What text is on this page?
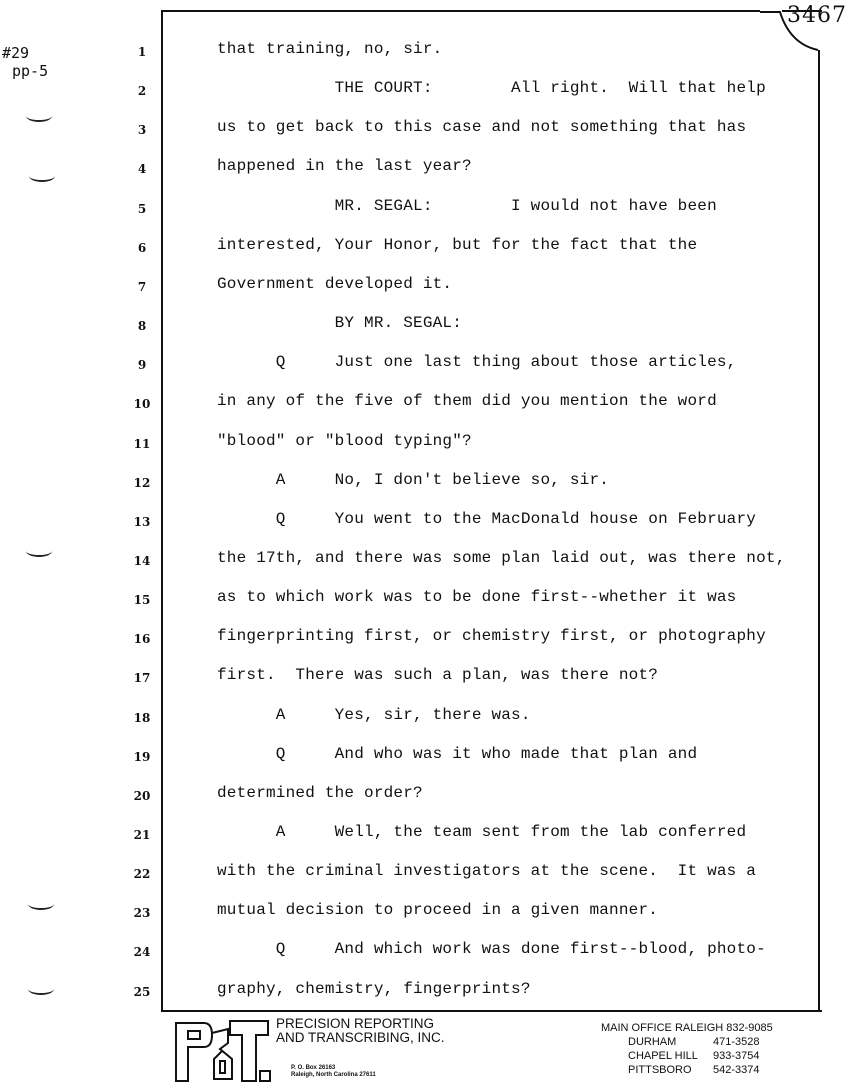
#29
pp-5
3467
1	that training, no, sir.
2	THE COURT:        All right.  Will that help
3	us to get back to this case and not something that has
4	happened in the last year?
5	MR. SEGAL:        I would not have been
6	interested, Your Honor, but for the fact that the
7	Government developed it.
8	BY MR. SEGAL:
9	Q     Just one last thing about those articles,
10	in any of the five of them did you mention the word
11	"blood" or "blood typing"?
12	A     No, I don't believe so, sir.
13	Q     You went to the MacDonald house on February
14	the 17th, and there was some plan laid out, was there not,
15	as to which work was to be done first--whether it was
16	fingerprinting first, or chemistry first, or photography
17	first.  There was such a plan, was there not?
18	A     Yes, sir, there was.
19	Q     And who was it who made that plan and
20	determined the order?
21	A     Well, the team sent from the lab conferred
22	with the criminal investigators at the scene.  It was a
23	mutual decision to proceed in a given manner.
24	Q     And which work was done first--blood, photo-
25	graphy, chemistry, fingerprints?
PRECISION REPORTING
AND TRANSCRIBING, INC.
P. O. Box 26163
Raleigh, North Carolina 27611
MAIN OFFICE RALEIGH 832-9085
DURHAM	471-3528
CHAPEL HILL	933-3754
PITTSBORO	542-3374
